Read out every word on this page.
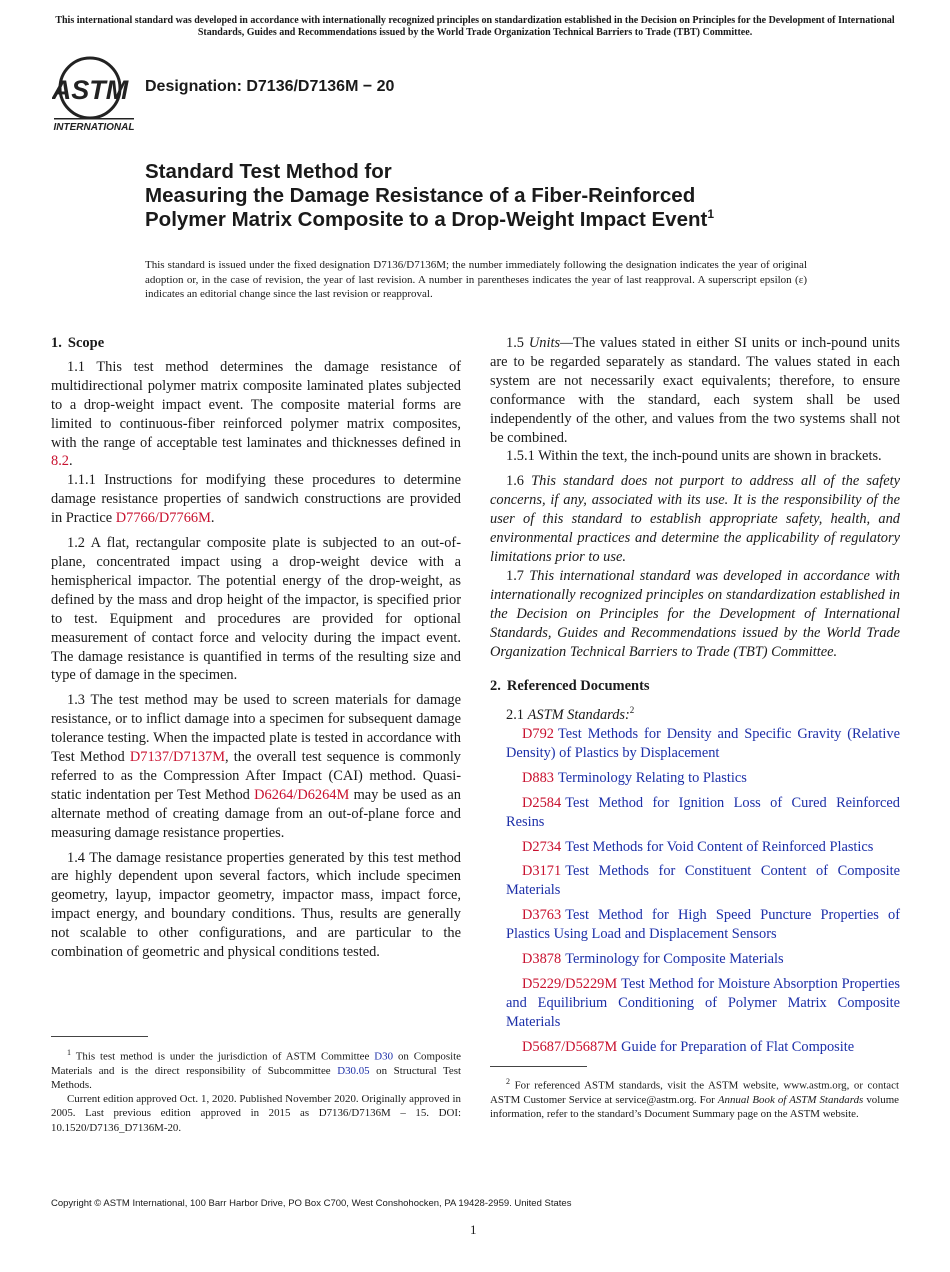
This international standard was developed in accordance with internationally recognized principles on standardization established in the Decision on Principles for the Development of International Standards, Guides and Recommendations issued by the World Trade Organization Technical Barriers to Trade (TBT) Committee.
ASTM
INTERNATIONAL
Designation: D7136/D7136M − 20
Standard Test Method for
Measuring the Damage Resistance of a Fiber-Reinforced
Polymer Matrix Composite to a Drop-Weight Impact Event$^1$
This standard is issued under the fixed designation D7136/D7136M; the number immediately following the designation indicates the year of original adoption or, in the case of revision, the year of last revision. A number in parentheses indicates the year of last reapproval. A superscript epsilon (ε) indicates an editorial change since the last revision or reapproval.
1. Scope

1.1 This test method determines the damage resistance of multidirectional polymer matrix composite laminated plates subjected to a drop-weight impact event. The composite material forms are limited to continuous-fiber reinforced polymer matrix composites, with the range of acceptable test laminates and thicknesses defined in 8.2.

1.1.1 Instructions for modifying these procedures to determine damage resistance properties of sandwich constructions are provided in Practice D7766/D7766M.

1.2 A flat, rectangular composite plate is subjected to an out-of-plane, concentrated impact using a drop-weight device with a hemispherical impactor. The potential energy of the drop-weight, as defined by the mass and drop height of the impactor, is specified prior to test. Equipment and procedures are provided for optional measurement of contact force and velocity during the impact event. The damage resistance is quantified in terms of the resulting size and type of damage in the specimen.

1.3 The test method may be used to screen materials for damage resistance, or to inflict damage into a specimen for subsequent damage tolerance testing. When the impacted plate is tested in accordance with Test Method D7137/D7137M, the overall test sequence is commonly referred to as the Compression After Impact (CAI) method. Quasi-static indentation per Test Method D6264/D6264M may be used as an alternate method of creating damage from an out-of-plane force and measuring damage resistance properties.

1.4 The damage resistance properties generated by this test method are highly dependent upon several factors, which include specimen geometry, layup, impactor geometry, impactor mass, impact force, impact energy, and boundary conditions. Thus, results are generally not scalable to other configurations, and are particular to the combination of geometric and physical conditions tested.

1.5 Units—The values stated in either SI units or inch-pound units are to be regarded separately as standard. The values stated in each system are not necessarily exact equivalents; therefore, to ensure conformance with the standard, each system shall be used independently of the other, and values from the two systems shall not be combined.

1.5.1 Within the text, the inch-pound units are shown in brackets.

1.6 This standard does not purport to address all of the safety concerns, if any, associated with its use. It is the responsibility of the user of this standard to establish appropriate safety, health, and environmental practices and determine the applicability of regulatory limitations prior to use.

1.7 This international standard was developed in accordance with internationally recognized principles on standardization established in the Decision on Principles for the Development of International Standards, Guides and Recommendations issued by the World Trade Organization Technical Barriers to Trade (TBT) Committee.

2. Referenced Documents

2.1 ASTM Standards:$^2$

D792 Test Methods for Density and Specific Gravity (Relative Density) of Plastics by Displacement

D883 Terminology Relating to Plastics

D2584 Test Method for Ignition Loss of Cured Reinforced Resins

D2734 Test Methods for Void Content of Reinforced Plastics

D3171 Test Methods for Constituent Content of Composite Materials

D3763 Test Method for High Speed Puncture Properties of Plastics Using Load and Displacement Sensors

D3878 Terminology for Composite Materials

D5229/D5229M Test Method for Moisture Absorption Properties and Equilibrium Conditioning of Polymer Matrix Composite Materials

D5687/D5687M Guide for Preparation of Flat Composite

$^1$ This test method is under the jurisdiction of ASTM Committee D30 on Composite Materials and is the direct responsibility of Subcommittee D30.05 on Structural Test Methods.

Current edition approved Oct. 1, 2020. Published November 2020. Originally approved in 2005. Last previous edition approved in 2015 as D7136/D7136M – 15. DOI: 10.1520/D7136_D7136M-20.

$^2$ For referenced ASTM standards, visit the ASTM website, www.astm.org, or contact ASTM Customer Service at service@astm.org. For Annual Book of ASTM Standards volume information, refer to the standard’s Document Summary page on the ASTM website.

Copyright © ASTM International, 100 Barr Harbor Drive, PO Box C700, West Conshohocken, PA 19428-2959. United States
1
